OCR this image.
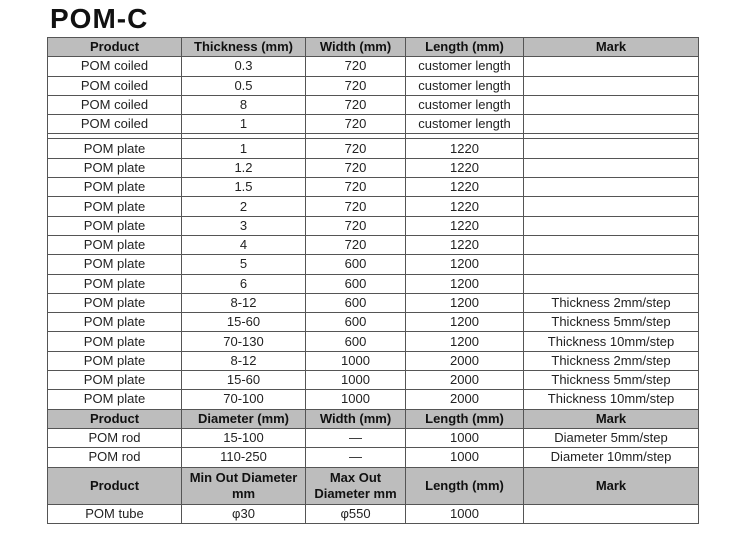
POM-C
Product	Thickness (mm)	Width (mm)	Length (mm)	Mark
POM coiled	0.3	720	customer length	
POM coiled	0.5	720	customer length	
POM coiled	8	720	customer length	
POM coiled	1	720	customer length	

POM plate	1	720	1220	
POM plate	1.2	720	1220	
POM plate	1.5	720	1220	
POM plate	2	720	1220	
POM plate	3	720	1220	
POM plate	4	720	1220	
POM plate	5	600	1200	
POM plate	6	600	1200	
POM plate	8-12	600	1200	Thickness 2mm/step
POM plate	15-60	600	1200	Thickness 5mm/step
POM plate	70-130	600	1200	Thickness 10mm/step
POM plate	8-12	1000	2000	Thickness 2mm/step
POM plate	15-60	1000	2000	Thickness 5mm/step
POM plate	70-100	1000	2000	Thickness 10mm/step
Product	Diameter (mm)	Width (mm)	Length (mm)	Mark
POM rod	15-100	—	1000	Diameter 5mm/step
POM rod	110-250	—	1000	Diameter 10mm/step
Product	Min Out Diameter mm	Max Out Diameter mm	Length (mm)	Mark
POM tube	φ30	φ550	1000	
